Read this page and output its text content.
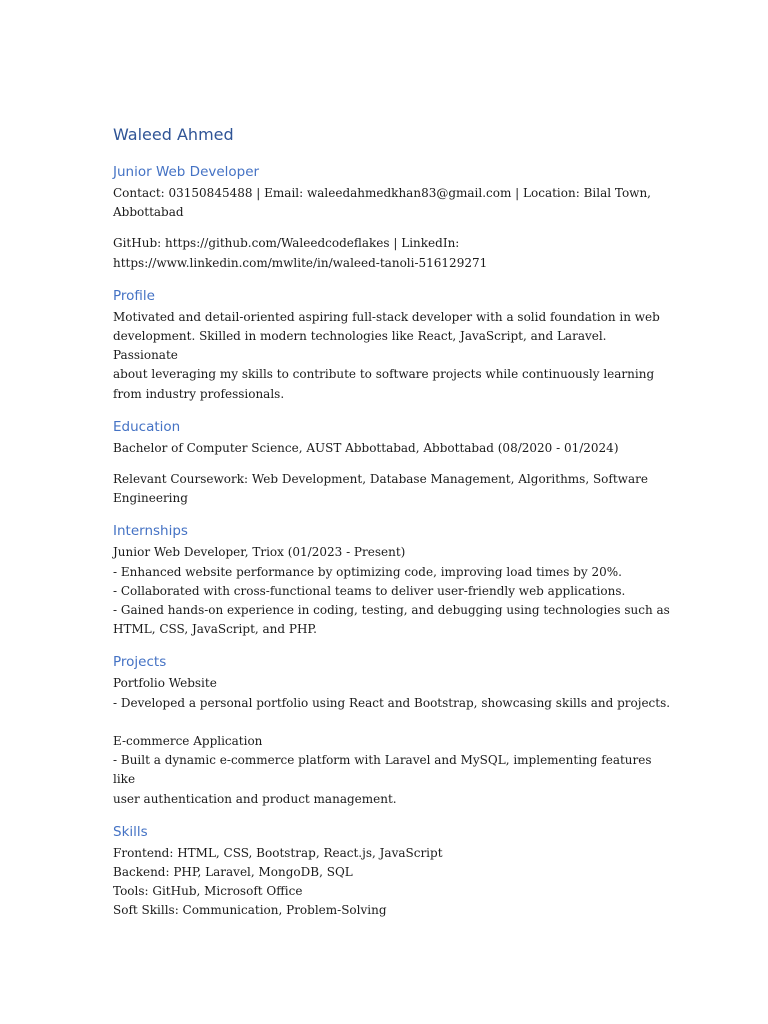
Waleed Ahmed
Junior Web Developer

Contact: 03150845488 | Email: waleedahmedkhan83@gmail.com | Location: Bilal Town,
Abbottabad

GitHub: https://github.com/Waleedcodeflakes | LinkedIn:
https://www.linkedin.com/mwlite/in/waleed-tanoli-516129271

Profile

Motivated and detail-oriented aspiring full-stack developer with a solid foundation in web
development. Skilled in modern technologies like React, JavaScript, and Laravel. Passionate
about leveraging my skills to contribute to software projects while continuously learning
from industry professionals.

Education

Bachelor of Computer Science, AUST Abbottabad, Abbottabad (08/2020 - 01/2024)

Relevant Coursework: Web Development, Database Management, Algorithms, Software
Engineering

Internships

Junior Web Developer, Triox (01/2023 - Present)
- Enhanced website performance by optimizing code, improving load times by 20%.
- Collaborated with cross-functional teams to deliver user-friendly web applications.
- Gained hands-on experience in coding, testing, and debugging using technologies such as
HTML, CSS, JavaScript, and PHP.

Projects

Portfolio Website
- Developed a personal portfolio using React and Bootstrap, showcasing skills and projects.

E-commerce Application
- Built a dynamic e-commerce platform with Laravel and MySQL, implementing features like
user authentication and product management.

Skills

Frontend: HTML, CSS, Bootstrap, React.js, JavaScript
Backend: PHP, Laravel, MongoDB, SQL
Tools: GitHub, Microsoft Office
Soft Skills: Communication, Problem-Solving
